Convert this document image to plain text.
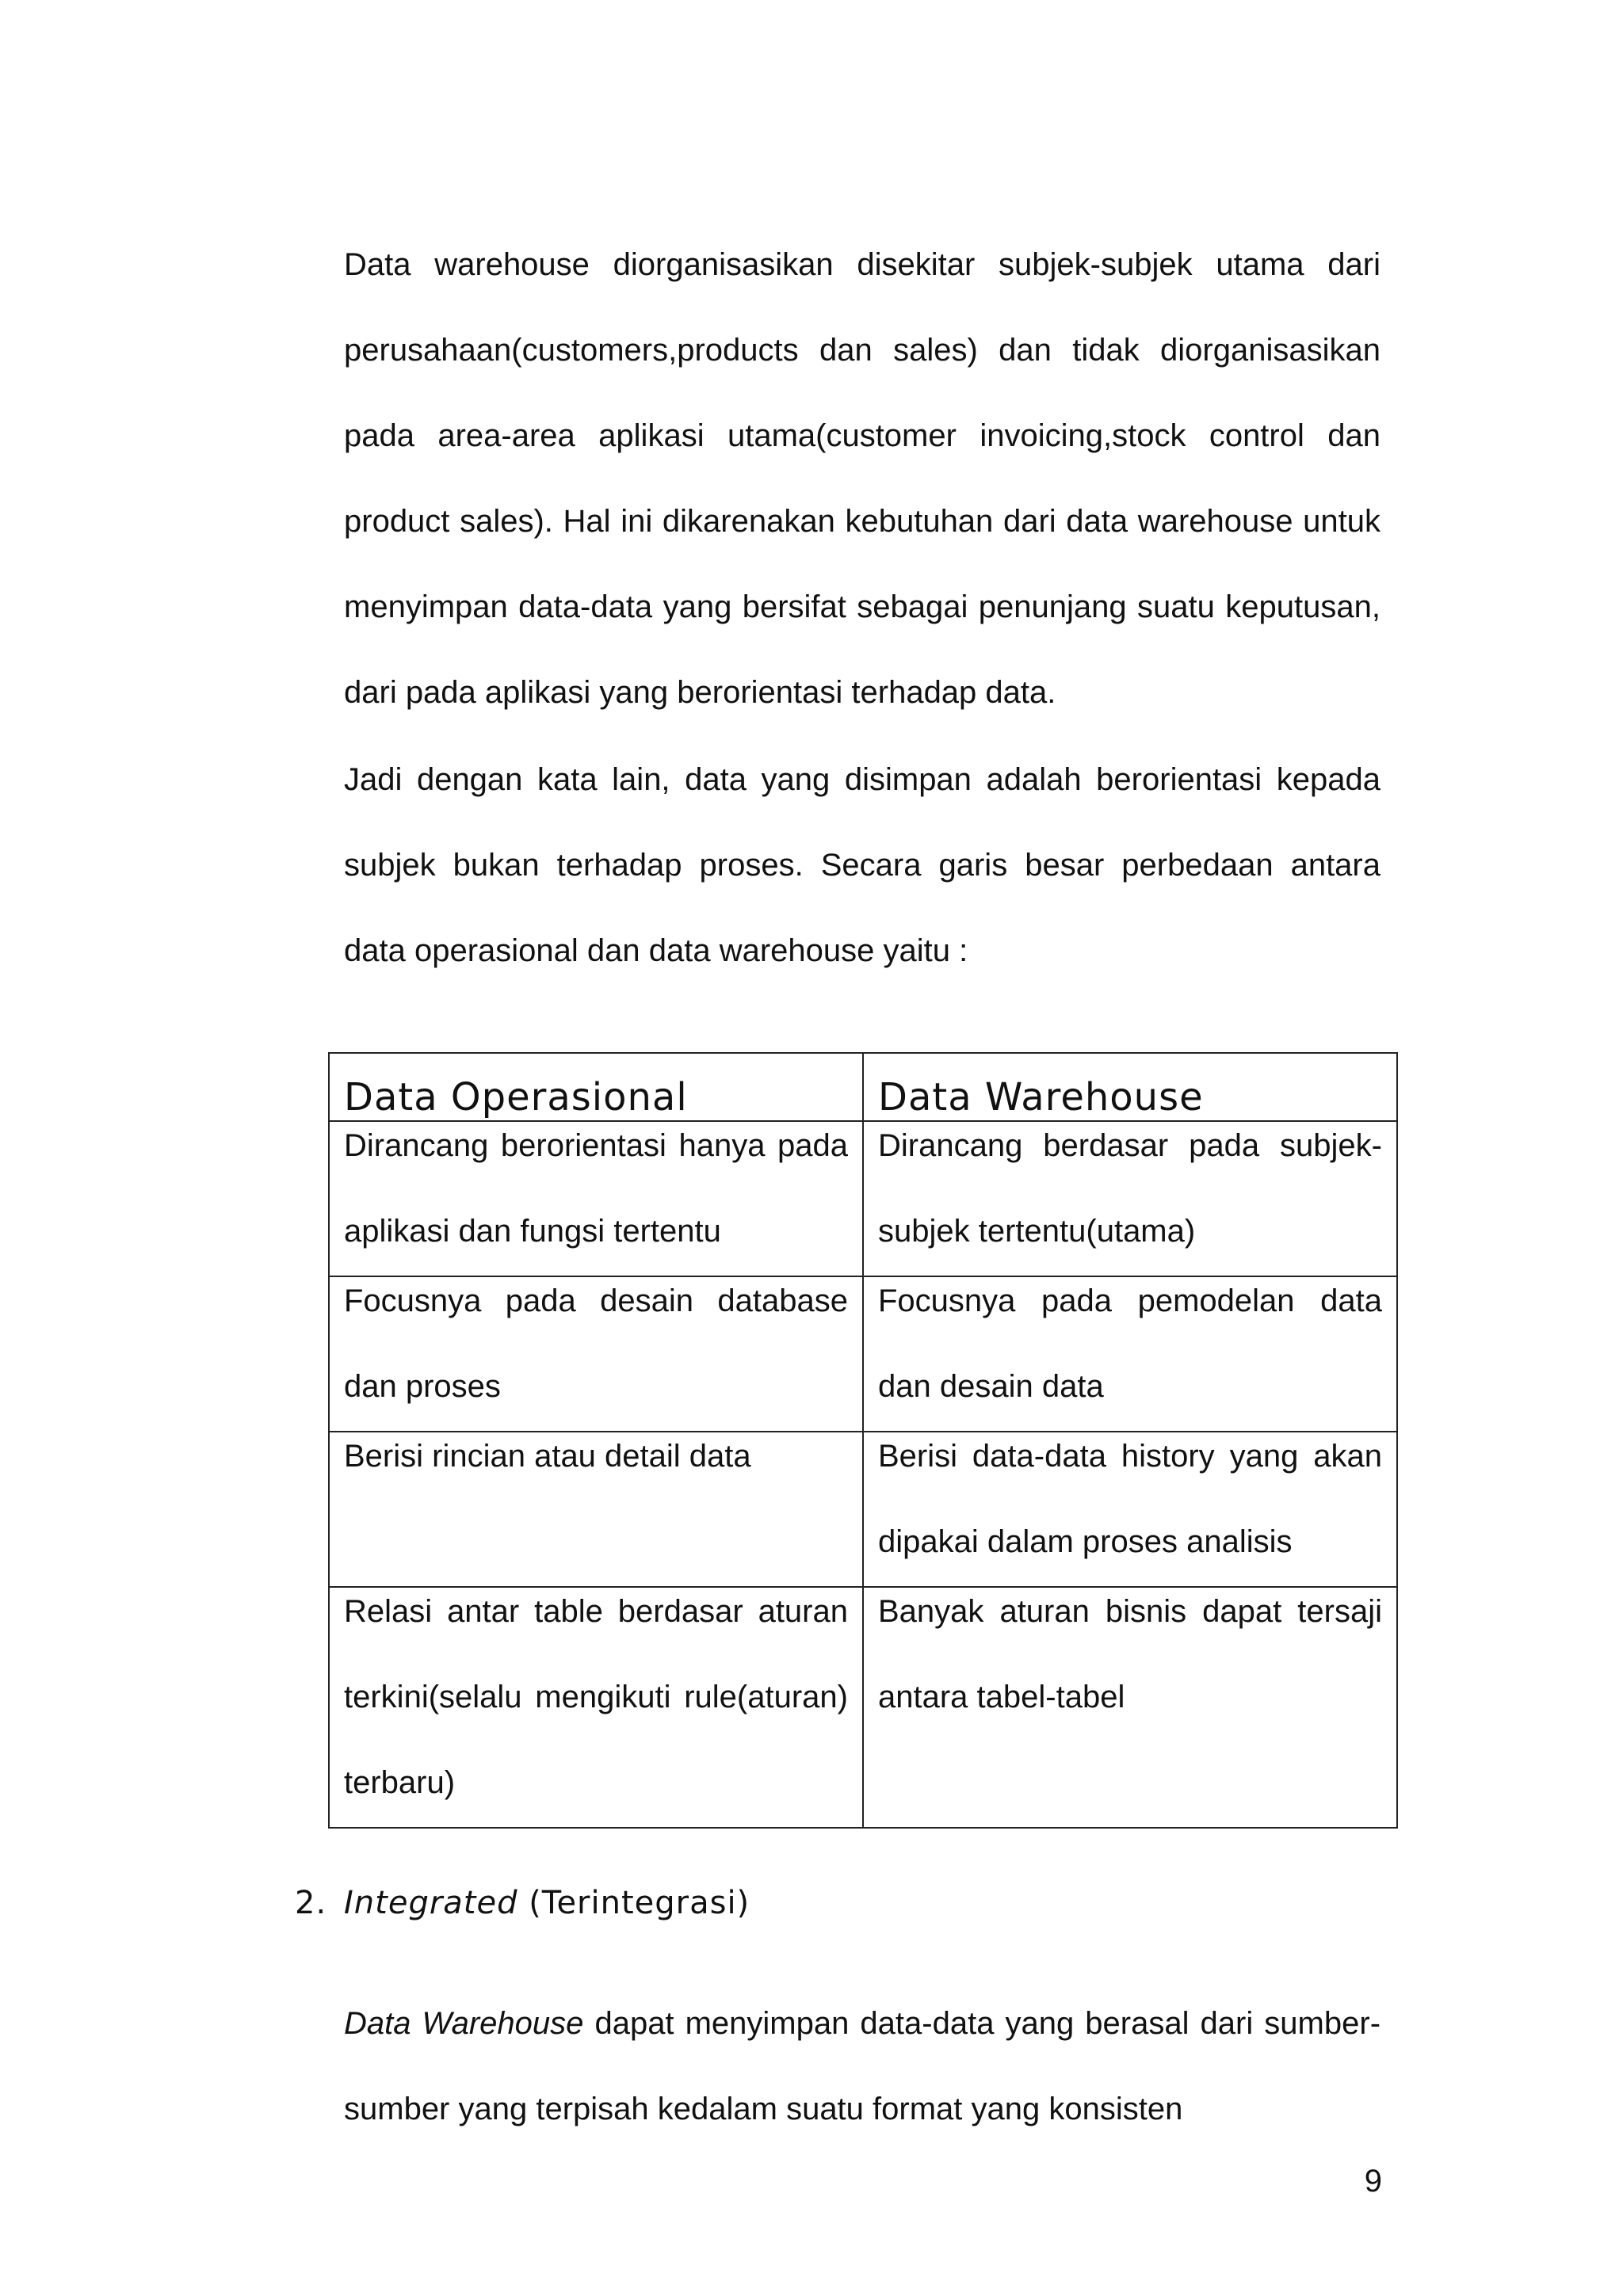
Data warehouse diorganisasikan disekitar subjek-subjek utama dari perusahaan(customers,products dan sales) dan tidak diorganisasikan pada area-area aplikasi utama(customer invoicing,stock control dan product sales). Hal ini dikarenakan kebutuhan dari data warehouse untuk menyimpan data-data yang bersifat sebagai penunjang suatu keputusan, dari pada aplikasi yang berorientasi terhadap data.

Jadi dengan kata lain, data yang disimpan adalah berorientasi kepada subjek bukan terhadap proses. Secara garis besar perbedaan antara data operasional dan data warehouse yaitu :

Data Operasional	Data Warehouse

Dirancang berorientasi hanya pada aplikasi dan fungsi tertentu	Dirancang berdasar pada subjek-subjek tertentu(utama)

Focusnya pada desain database dan proses	Focusnya pada pemodelan data dan desain data

Berisi rincian atau detail data	Berisi data-data history yang akan dipakai dalam proses analisis

Relasi antar table berdasar aturan terkini(selalu mengikuti rule(aturan) terbaru)	Banyak aturan bisnis dapat tersaji antara tabel-tabel
2. Integrated (Terintegrasi)

Data Warehouse dapat menyimpan data-data yang berasal dari sumber-sumber yang terpisah kedalam suatu format yang konsisten

9
